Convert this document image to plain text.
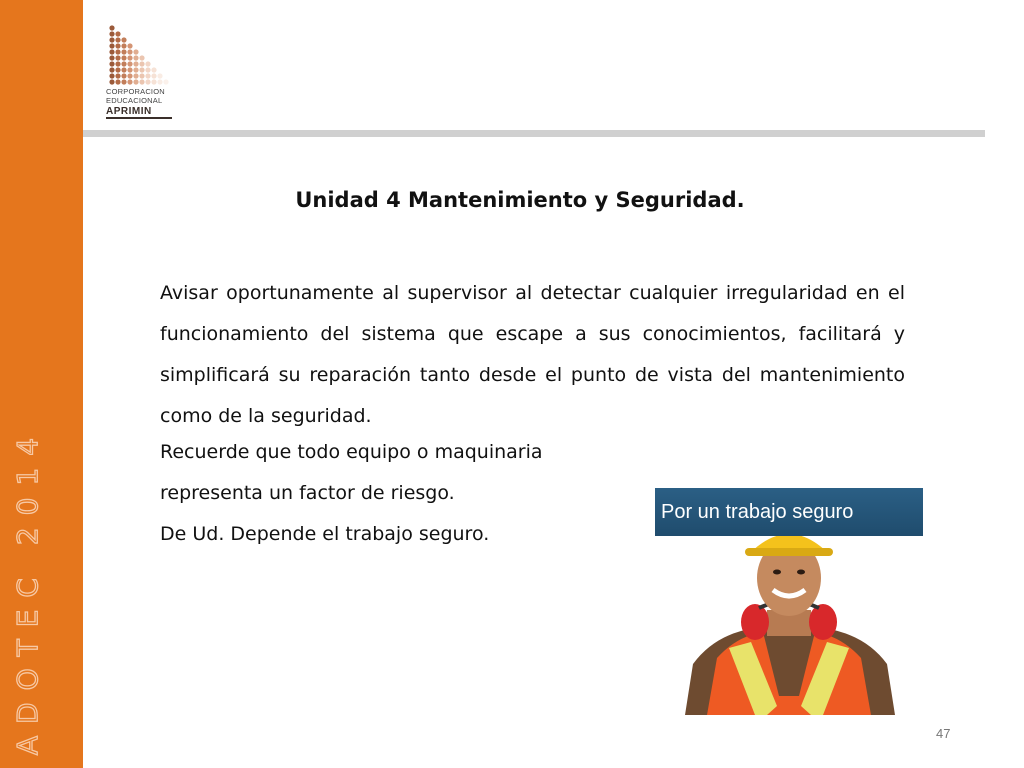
ADOTEC 2014
CORPORACION
EDUCACIONAL
APRIMIN
Unidad 4 Mantenimiento y Seguridad.
Avisar oportunamente al supervisor al detectar cualquier irregularidad en el funcionamiento del sistema que escape a sus conocimientos, facilitará y simplificará su reparación tanto desde el punto de vista del mantenimiento como de la seguridad.
Recuerde que todo equipo o maquinaria
representa un factor de riesgo.
De Ud. Depende el trabajo seguro.
Por un trabajo seguro
47
